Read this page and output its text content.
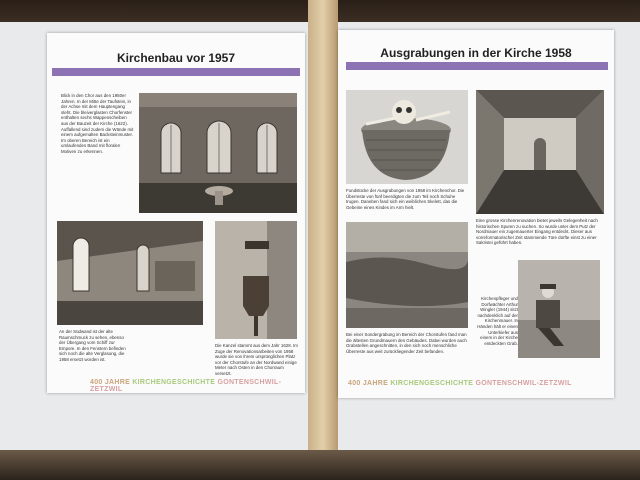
Kirchenbau vor 1957
Blick in den Chor aus den 1950er Jahren. In der Mitte der Taufstein, in der Achse mit dem Hauptengang steht. Die bleiverglasten Chorfenster enthalten sechs Wappenscheiben aus der Bauzeit der Kirche (1622). Auffallend sind zudem die Wände mit einem aufgemalten Backsteinmuster. Im oberen Bereich ist ein umlaufendes Band mit floralen Motiven zu erkennen.
An der Südwand ist der alte Raumschmuck zu sehen, ebenso der Übergang vom Schiff zur Empore. In den Fenstern befinden sich noch die alte Verglasung, die 1958 ersetzt worden ist.
Die Kanzel stammt aus dem Jahr 1628. Im Zuge der Renovationsarbeiten von 1958 wurde sie von ihrem ursprünglichen Platz vor der Chorstufe an der Nordwand einige Meter nach Osten in den Chorraum versetzt.
400 JAHRE KIRCHENGESCHICHTE GONTENSCHWIL-ZETZWIL
Ausgrabungen in der Kirche 1958
Fundstücke der Ausgrabungen von 1958 im Kirchenchor. Die Überreste von fünf beerdigten die zum Teil noch Schuhe trugen. Daneben fand sich ein weibliches Skelett, das die Gebeine eines Kindes im Arm hielt.
Eine grosse Kirchenrenovation bietet jeweils Gelegenheit nach historischen Spuren zu suchen. So wurde unter dem Putz der Nordmauer ein zugemauerter Eingang entdeckt. Dieser aus vorreformatorischer Zeit stammende Türe dürfte einst zu einer Sakristei geführt haben.
Bei einer Sondergrabung im Bereich der Chorstufen fand man die ältesten Grundmauern des Gebäudes. Dabei wurden auch Grabstellen angeschnitten, in den sich noch menschliche Überreste aus weit zurückliegender Zeit befanden.
Kirchenpfleger und Dorfwächter Arthur Wingler (1944) sitzt nachdenklich auf der Kirchenmauer. In Händen hält er einen Unterkiefer aus einem in der Kirche entdeckten Grab.
400 JAHRE KIRCHENGESCHICHTE GONTENSCHWIL-ZETZWIL
